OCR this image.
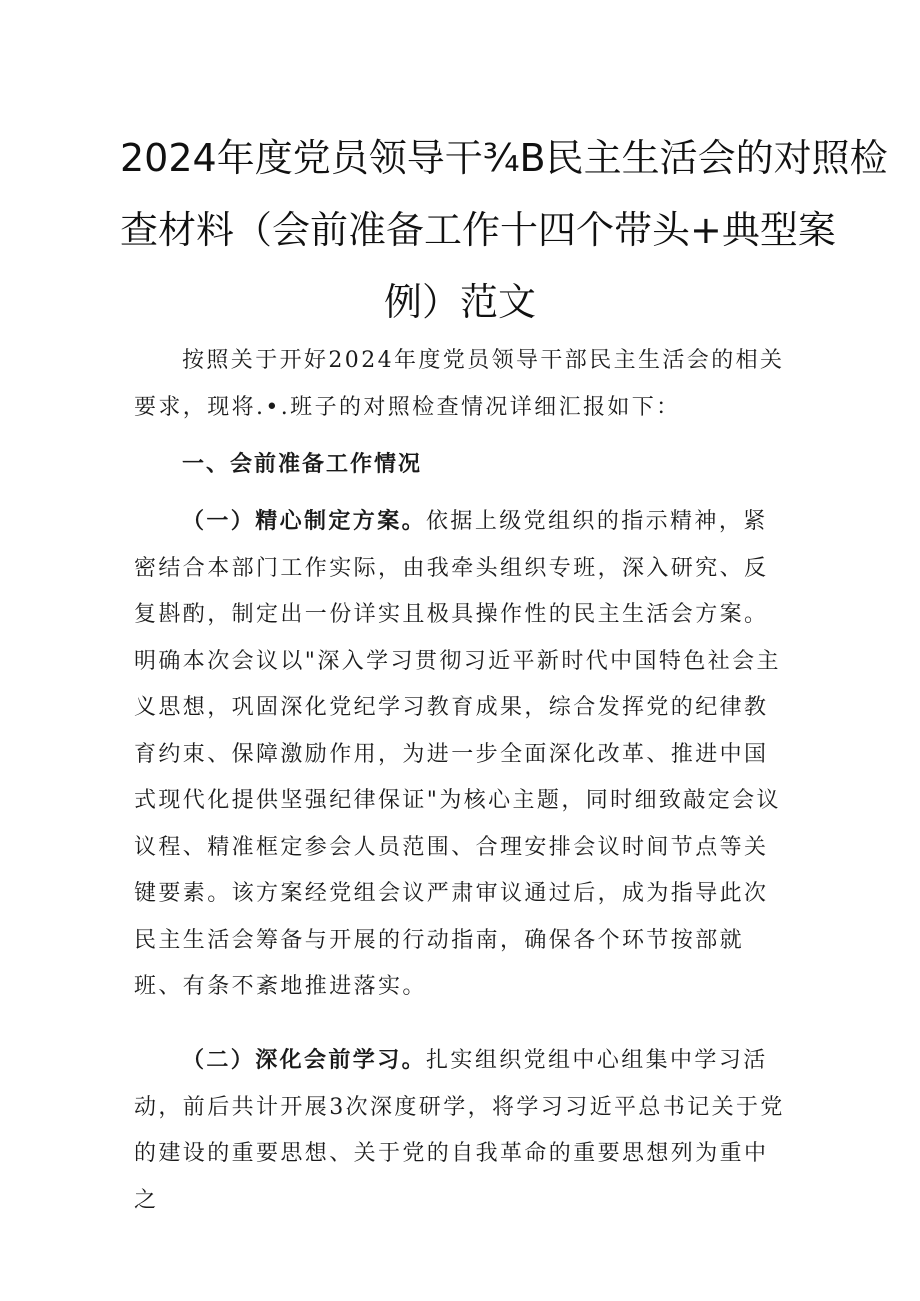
2024年度党员领导干¾B民主生活会的对照检
查材料（会前准备工作十四个带头+典型案
例）范文

按照关于开好2024年度党员领导干部民主生活会的相关要求，现将.•.班子的对照检查情况详细汇报如下：

一、会前准备工作情况

（一）精心制定方案。依据上级党组织的指示精神，紧密结合本部门工作实际，由我牵头组织专班，深入研究、反复斟酌，制定出一份详实且极具操作性的民主生活会方案。明确本次会议以"深入学习贯彻习近平新时代中国特色社会主义思想，巩固深化党纪学习教育成果，综合发挥党的纪律教育约束、保障激励作用，为进一步全面深化改革、推进中国式现代化提供坚强纪律保证"为核心主题，同时细致敲定会议议程、精准框定参会人员范围、合理安排会议时间节点等关键要素。该方案经党组会议严肃审议通过后，成为指导此次民主生活会筹备与开展的行动指南，确保各个环节按部就班、有条不紊地推进落实。

（二）深化会前学习。扎实组织党组中心组集中学习活动，前后共计开展3次深度研学，将学习习近平总书记关于党的建设的重要思想、关于党的自我革命的重要思想列为重中之
